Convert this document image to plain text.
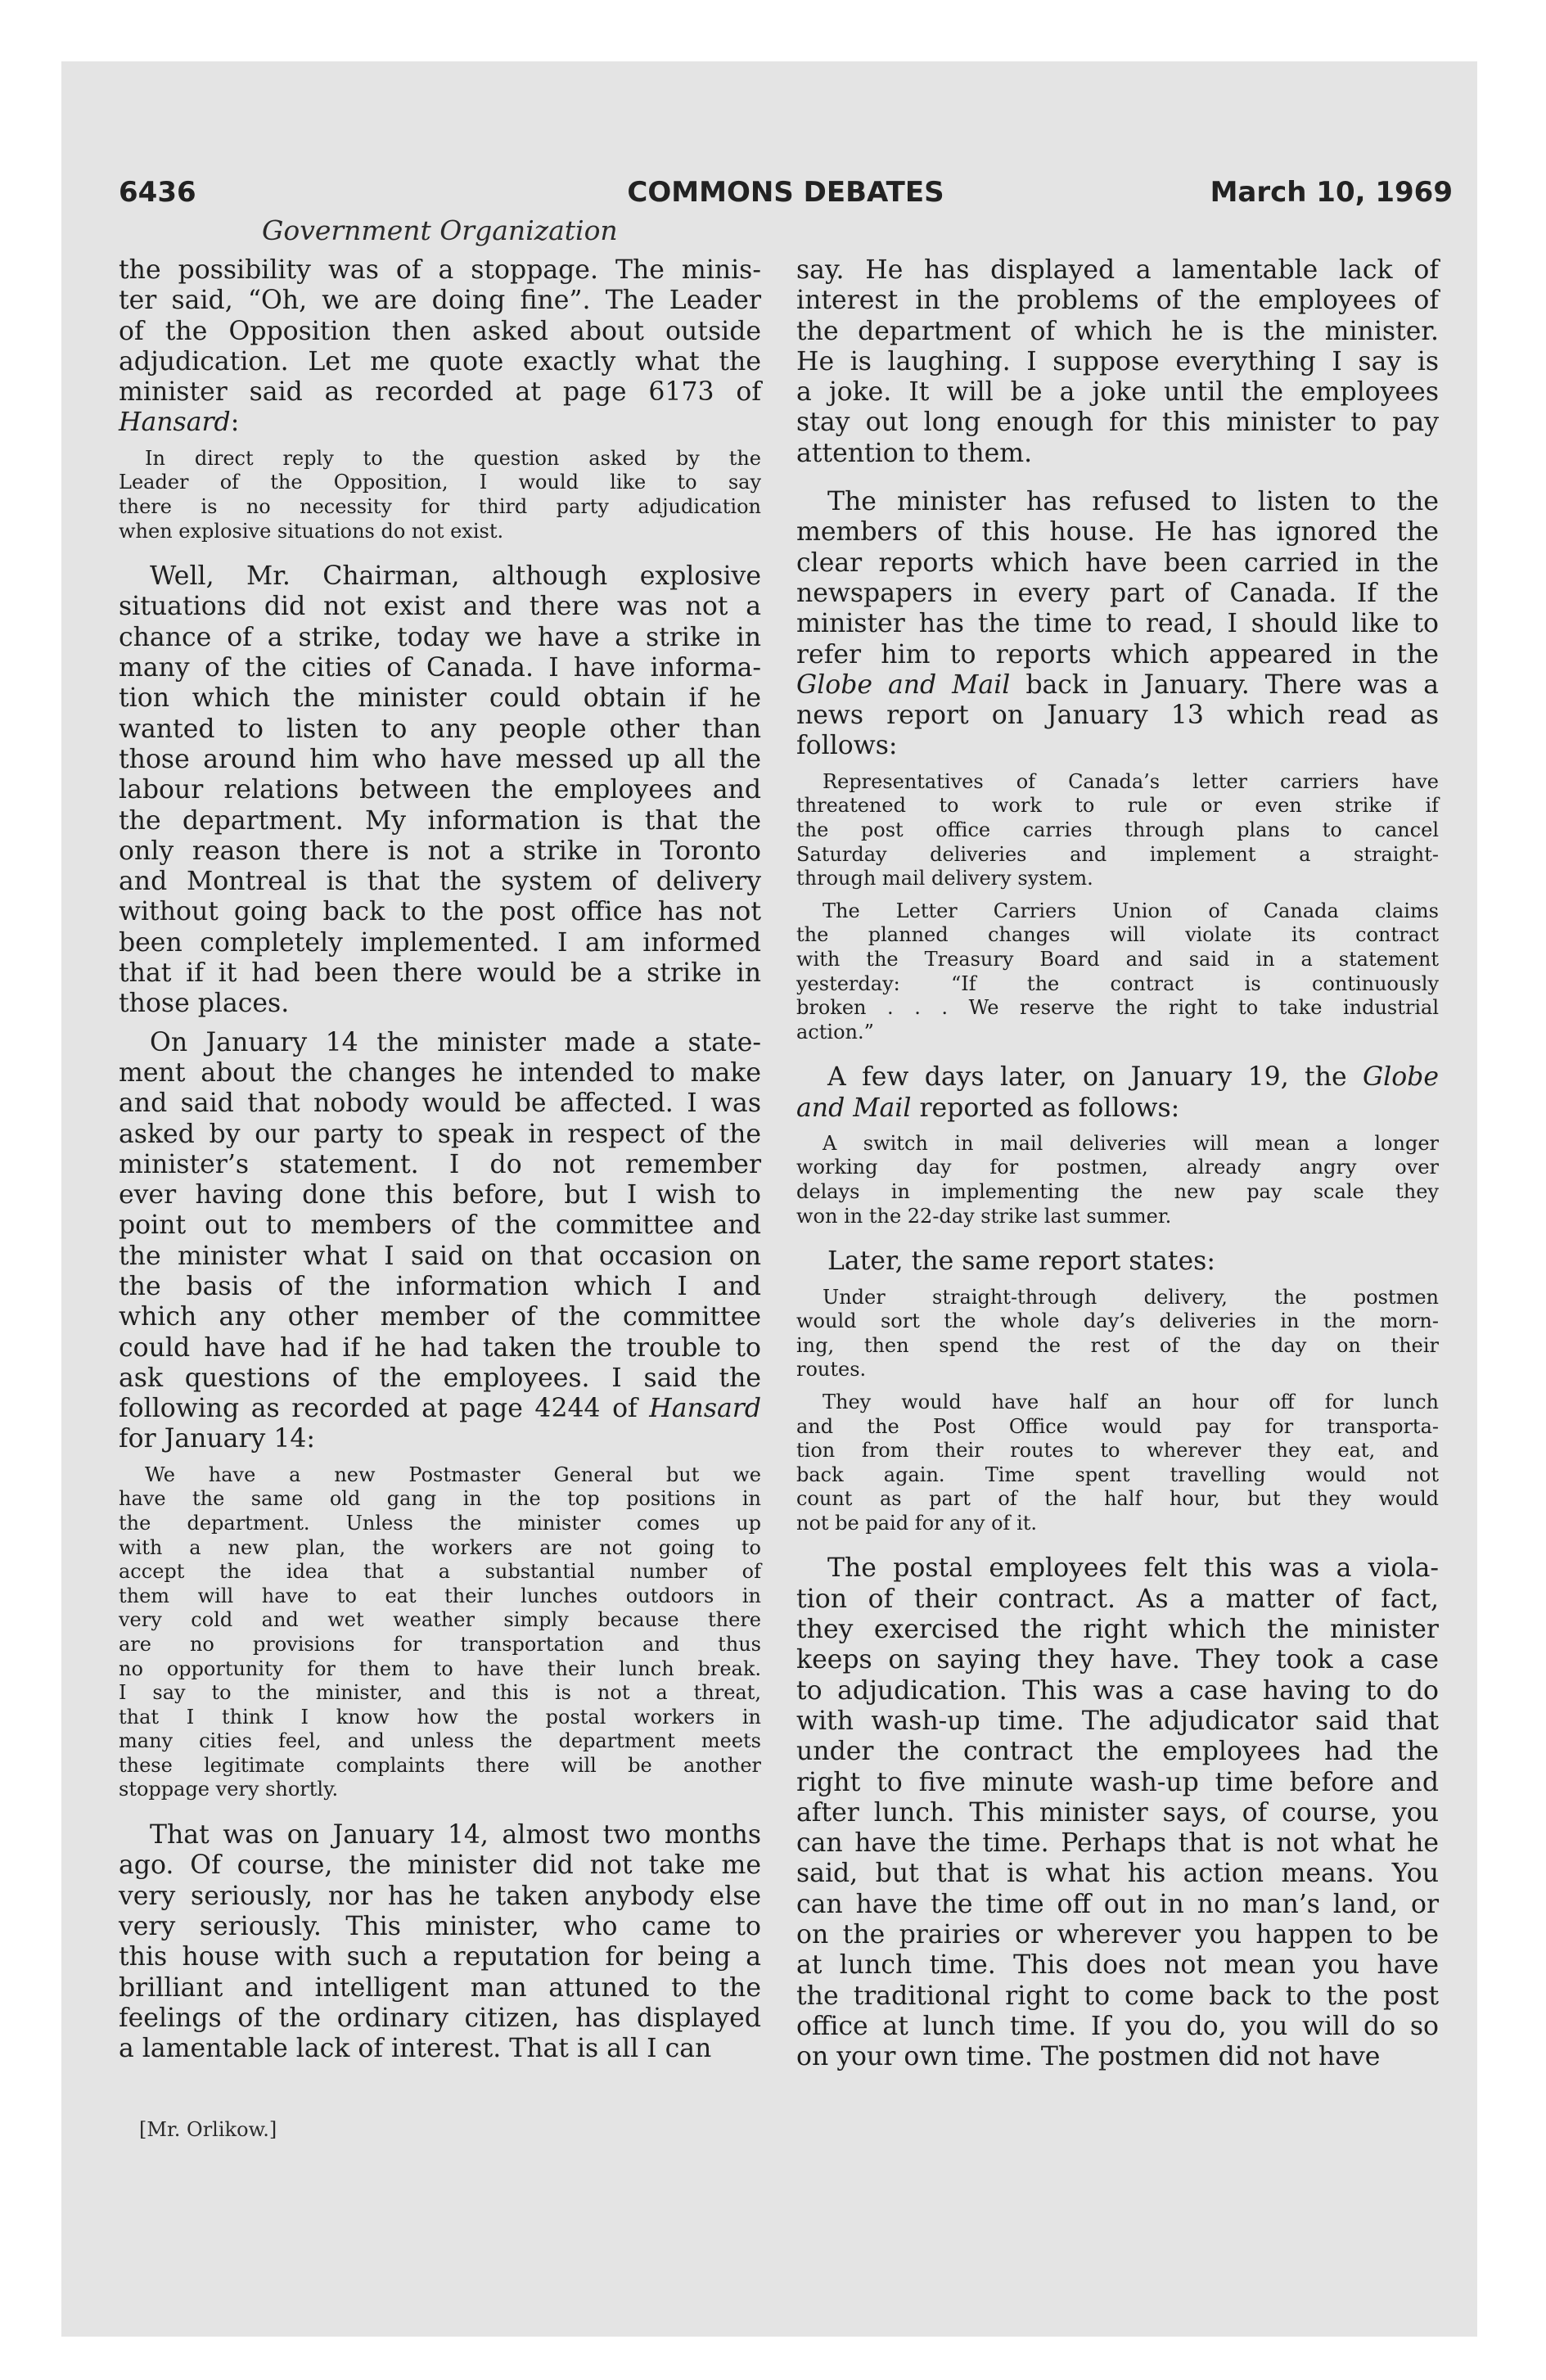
6436	COMMONS DEBATES	March 10, 1969
Government Organization
the possibility was of a stoppage. The minis-
ter said, “Oh, we are doing fine”. The Leader
of the Opposition then asked about outside
adjudication. Let me quote exactly what the
minister said as recorded at page 6173 of
Hansard:
In direct reply to the question asked by the
Leader of the Opposition, I would like to say
there is no necessity for third party adjudication
when explosive situations do not exist.
Well, Mr. Chairman, although explosive
situations did not exist and there was not a
chance of a strike, today we have a strike in
many of the cities of Canada. I have informa-
tion which the minister could obtain if he
wanted to listen to any people other than
those around him who have messed up all the
labour relations between the employees and
the department. My information is that the
only reason there is not a strike in Toronto
and Montreal is that the system of delivery
without going back to the post office has not
been completely implemented. I am informed
that if it had been there would be a strike in
those places.
On January 14 the minister made a state-
ment about the changes he intended to make
and said that nobody would be affected. I was
asked by our party to speak in respect of the
minister’s statement. I do not remember
ever having done this before, but I wish to
point out to members of the committee and
the minister what I said on that occasion on
the basis of the information which I and
which any other member of the committee
could have had if he had taken the trouble to
ask questions of the employees. I said the
following as recorded at page 4244 of Hansard
for January 14:
We have a new Postmaster General but we
have the same old gang in the top positions in
the department. Unless the minister comes up
with a new plan, the workers are not going to
accept the idea that a substantial number of
them will have to eat their lunches outdoors in
very cold and wet weather simply because there
are no provisions for transportation and thus
no opportunity for them to have their lunch break.
I say to the minister, and this is not a threat,
that I think I know how the postal workers in
many cities feel, and unless the department meets
these legitimate complaints there will be another
stoppage very shortly.
That was on January 14, almost two months
ago. Of course, the minister did not take me
very seriously, nor has he taken anybody else
very seriously. This minister, who came to
this house with such a reputation for being a
brilliant and intelligent man attuned to the
feelings of the ordinary citizen, has displayed
a lamentable lack of interest. That is all I can
say. He has displayed a lamentable lack of
interest in the problems of the employees of
the department of which he is the minister.
He is laughing. I suppose everything I say is
a joke. It will be a joke until the employees
stay out long enough for this minister to pay
attention to them.
The minister has refused to listen to the
members of this house. He has ignored the
clear reports which have been carried in the
newspapers in every part of Canada. If the
minister has the time to read, I should like to
refer him to reports which appeared in the
Globe and Mail back in January. There was a
news report on January 13 which read as
follows:
Representatives of Canada’s letter carriers have
threatened to work to rule or even strike if
the post office carries through plans to cancel
Saturday deliveries and implement a straight-
through mail delivery system.
The Letter Carriers Union of Canada claims
the planned changes will violate its contract
with the Treasury Board and said in a statement
yesterday: “If the contract is continuously
broken . . . We reserve the right to take industrial
action.”
A few days later, on January 19, the Globe
and Mail reported as follows:
A switch in mail deliveries will mean a longer
working day for postmen, already angry over
delays in implementing the new pay scale they
won in the 22-day strike last summer.
Later, the same report states:
Under straight-through delivery, the postmen
would sort the whole day’s deliveries in the morn-
ing, then spend the rest of the day on their
routes.
They would have half an hour off for lunch
and the Post Office would pay for transporta-
tion from their routes to wherever they eat, and
back again. Time spent travelling would not
count as part of the half hour, but they would
not be paid for any of it.
The postal employees felt this was a viola-
tion of their contract. As a matter of fact,
they exercised the right which the minister
keeps on saying they have. They took a case
to adjudication. This was a case having to do
with wash-up time. The adjudicator said that
under the contract the employees had the
right to five minute wash-up time before and
after lunch. This minister says, of course, you
can have the time. Perhaps that is not what he
said, but that is what his action means. You
can have the time off out in no man’s land, or
on the prairies or wherever you happen to be
at lunch time. This does not mean you have
the traditional right to come back to the post
office at lunch time. If you do, you will do so
on your own time. The postmen did not have
[Mr. Orlikow.]
